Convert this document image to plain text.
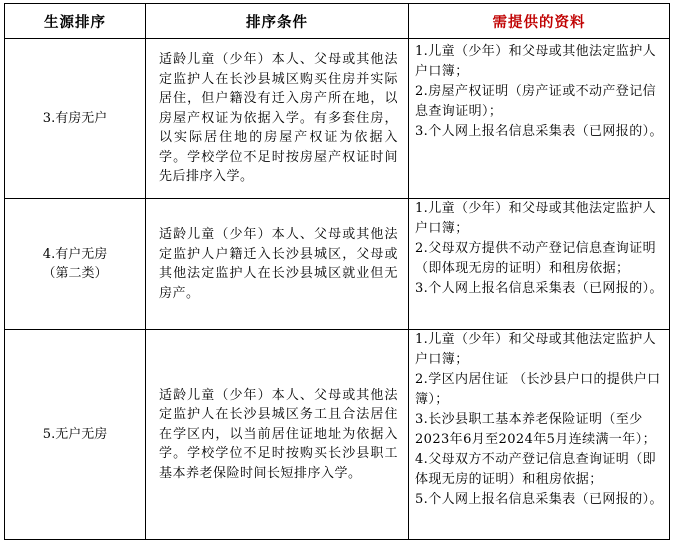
生源排序	排序条件	需提供的资料

3.有房无户	适龄儿童（少年）本人、父母或其他法定监护人在长沙县城区购买住房并实际居住，但户籍没有迁入房产所在地，以房屋产权证为依据入学。有多套住房，以实际居住地的房屋产权证为依据入学。学校学位不足时按房屋产权证时间先后排序入学。	1.儿童（少年）和父母或其他法定监护人户口簿；
2.房屋产权证明（房产证或不动产登记信息查询证明）；
3.个人网上报名信息采集表（已网报的）。

4.有户无房
（第二类）	适龄儿童（少年）本人、父母或其他法定监护人户籍迁入长沙县城区，父母或其他法定监护人在长沙县城区就业但无房产。	1.儿童（少年）和父母或其他法定监护人户口簿；
2.父母双方提供不动产登记信息查询证明（即体现无房的证明）和租房依据；
3.个人网上报名信息采集表（已网报的）。

5.无户无房	适龄儿童（少年）本人、父母或其他法定监护人在长沙县城区务工且合法居住在学区内，以当前居住证地址为依据入学。学校学位不足时按购买长沙县职工基本养老保险时间长短排序入学。	1.儿童（少年）和父母或其他法定监护人户口簿；
2.学区内居住证 （长沙县户口的提供户口簿）；
3.长沙县职工基本养老保险证明（至少2023年6月至2024年5月连续满一年）；
4.父母双方不动产登记信息查询证明（即体现无房的证明）和租房依据；
5.个人网上报名信息采集表（已网报的）。
